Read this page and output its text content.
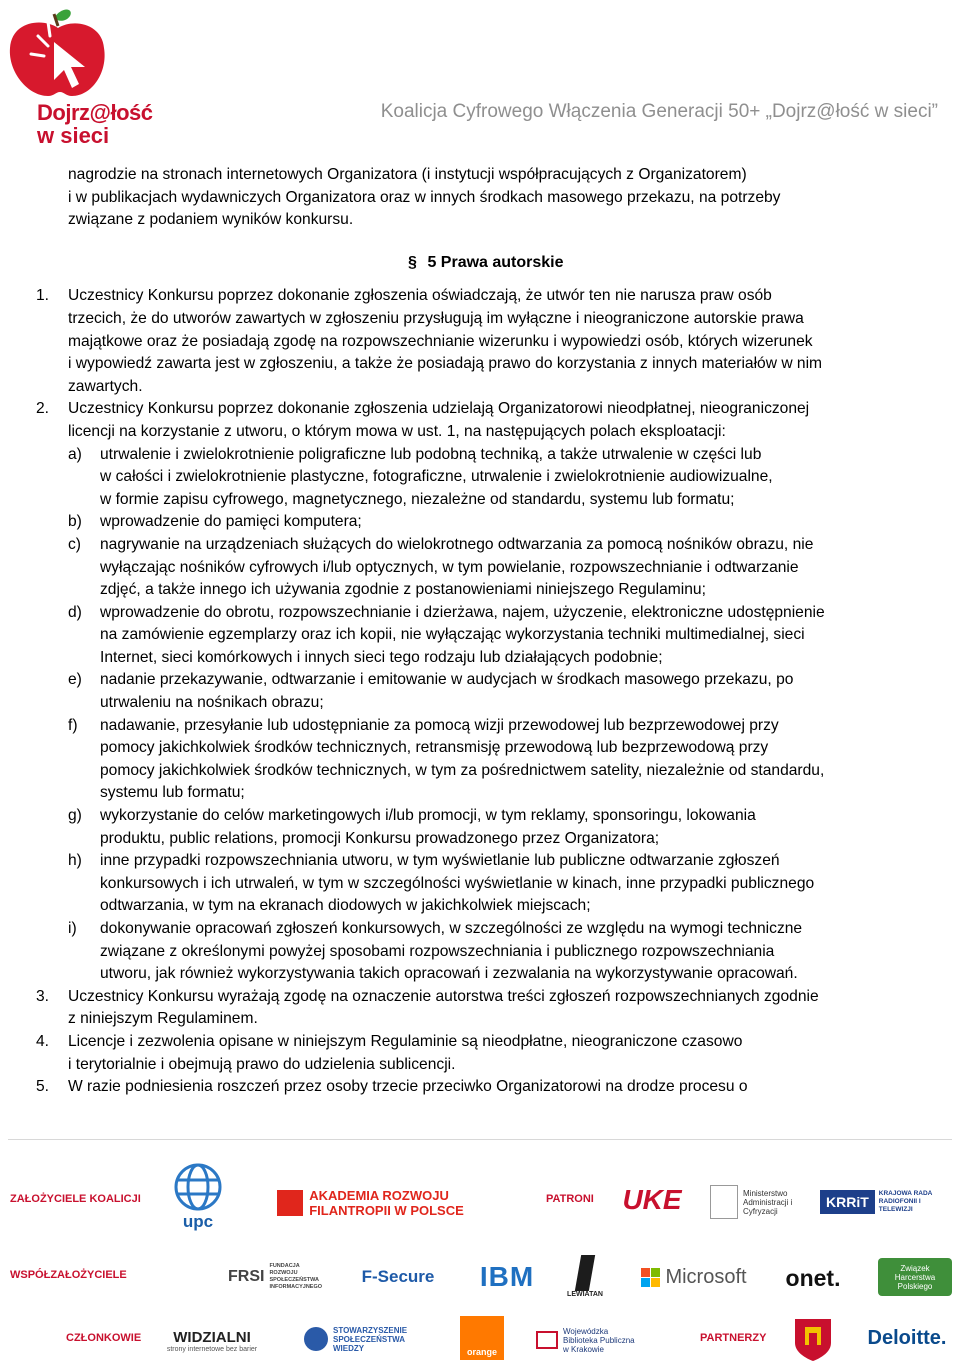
Dojrz@łość
w sieci
Koalicja Cyfrowego Włączenia Generacji 50+ „Dojrz@łość w sieci”
nagrodzie na stronach internetowych Organizatora (i instytucji współpracujących z Organizatorem)
i w publikacjach wydawniczych Organizatora oraz w innych środkach masowego przekazu, na potrzeby
związane z podaniem wyników konkursu.
§ 5 Prawa autorskie
1. Uczestnicy Konkursu poprzez dokonanie zgłoszenia oświadczają, że utwór ten nie narusza praw osób
trzecich, że do utworów zawartych w zgłoszeniu przysługują im wyłączne i nieograniczone autorskie prawa
majątkowe oraz że posiadają zgodę na rozpowszechnianie wizerunku i wypowiedzi osób, których wizerunek
i wypowiedź zawarta jest w zgłoszeniu, a także że posiadają prawo do korzystania z innych materiałów w nim
zawartych.
2. Uczestnicy Konkursu poprzez dokonanie zgłoszenia udzielają Organizatorowi nieodpłatnej, nieograniczonej
licencji na korzystanie z utworu, o którym mowa w ust. 1, na następujących polach eksploatacji:
a) utrwalenie i zwielokrotnienie poligraficzne lub podobną techniką, a także utrwalenie w części lub
w całości i zwielokrotnienie plastyczne, fotograficzne, utrwalenie i zwielokrotnienie audiowizualne,
w formie zapisu cyfrowego, magnetycznego, niezależne od standardu, systemu lub formatu;
b) wprowadzenie do pamięci komputera;
c) nagrywanie na urządzeniach służących do wielokrotnego odtwarzania za pomocą nośników obrazu, nie
wyłączając nośników cyfrowych i/lub optycznych, w tym powielanie, rozpowszechnianie i odtwarzanie
zdjęć, a także innego ich używania zgodnie z postanowieniami niniejszego Regulaminu;
d) wprowadzenie do obrotu, rozpowszechnianie i dzierżawa, najem, użyczenie, elektroniczne udostępnienie
na zamówienie egzemplarzy oraz ich kopii, nie wyłączając wykorzystania techniki multimedialnej, sieci
Internet, sieci komórkowych i innych sieci tego rodzaju lub działających podobnie;
e) nadanie przekazywanie, odtwarzanie i emitowanie w audycjach w środkach masowego przekazu, po
utrwaleniu na nośnikach obrazu;
f) nadawanie, przesyłanie lub udostępnianie za pomocą wizji przewodowej lub bezprzewodowej przy
pomocy jakichkolwiek środków technicznych, retransmisję przewodową lub bezprzewodową przy
pomocy jakichkolwiek środków technicznych, w tym za pośrednictwem satelity, niezależnie od standardu,
systemu lub formatu;
g) wykorzystanie do celów marketingowych i/lub promocji, w tym reklamy, sponsoringu, lokowania
produktu, public relations, promocji Konkursu prowadzonego przez Organizatora;
h) inne przypadki rozpowszechniania utworu, w tym wyświetlanie lub publiczne odtwarzanie zgłoszeń
konkursowych i ich utrwaleń, w tym w szczególności wyświetlanie w kinach, inne przypadki publicznego
odtwarzania, w tym na ekranach diodowych w jakichkolwiek miejscach;
i) dokonywanie opracowań zgłoszeń konkursowych, w szczególności ze względu na wymogi techniczne
związane z określonymi powyżej sposobami rozpowszechniania i publicznego rozpowszechniania
utworu, jak również wykorzystywania takich opracowań i zezwalania na wykorzystywanie opracowań.
3. Uczestnicy Konkursu wyrażają zgodę na oznaczenie autorstwa treści zgłoszeń rozpowszechnianych zgodnie
z niniejszym Regulaminem.
4. Licencje i zezwolenia opisane w niniejszym Regulaminie są nieodpłatne, nieograniczone czasowo
i terytorialnie i obejmują prawo do udzielenia sublicencji.
5. W razie podniesienia roszczeń przez osoby trzecie przeciwko Organizatorowi na drodze procesu o
ZAŁOŻYCIELE KOALICJI
upc
AKADEMIA ROZWOJU
FILANTROPII W POLSCE
PATRONI	UKE	Ministerstwo Administracji i Cyfryzacji
KRRiT
KRAJOWA RADA RADIOFONII I TELEWIZJI
WSPÓŁZAŁOŻYCIELE	FRSI
FUNDACJA ROZWOJU SPOŁECZEŃSTWA INFORMACYJNEGO
F-Secure	IBM
LEWIATAN
Microsoft onet.	Związek Harcerstwa Polskiego
CZŁONKOWIE WIDZIALNI
strony internetowe bez barier
STOWARZYSZENIE SPOŁECZEŃSTWA WIEDZY	orange
Wojewódzka Biblioteka Publiczna w Krakowie
PARTNERZY	Deloitte.
